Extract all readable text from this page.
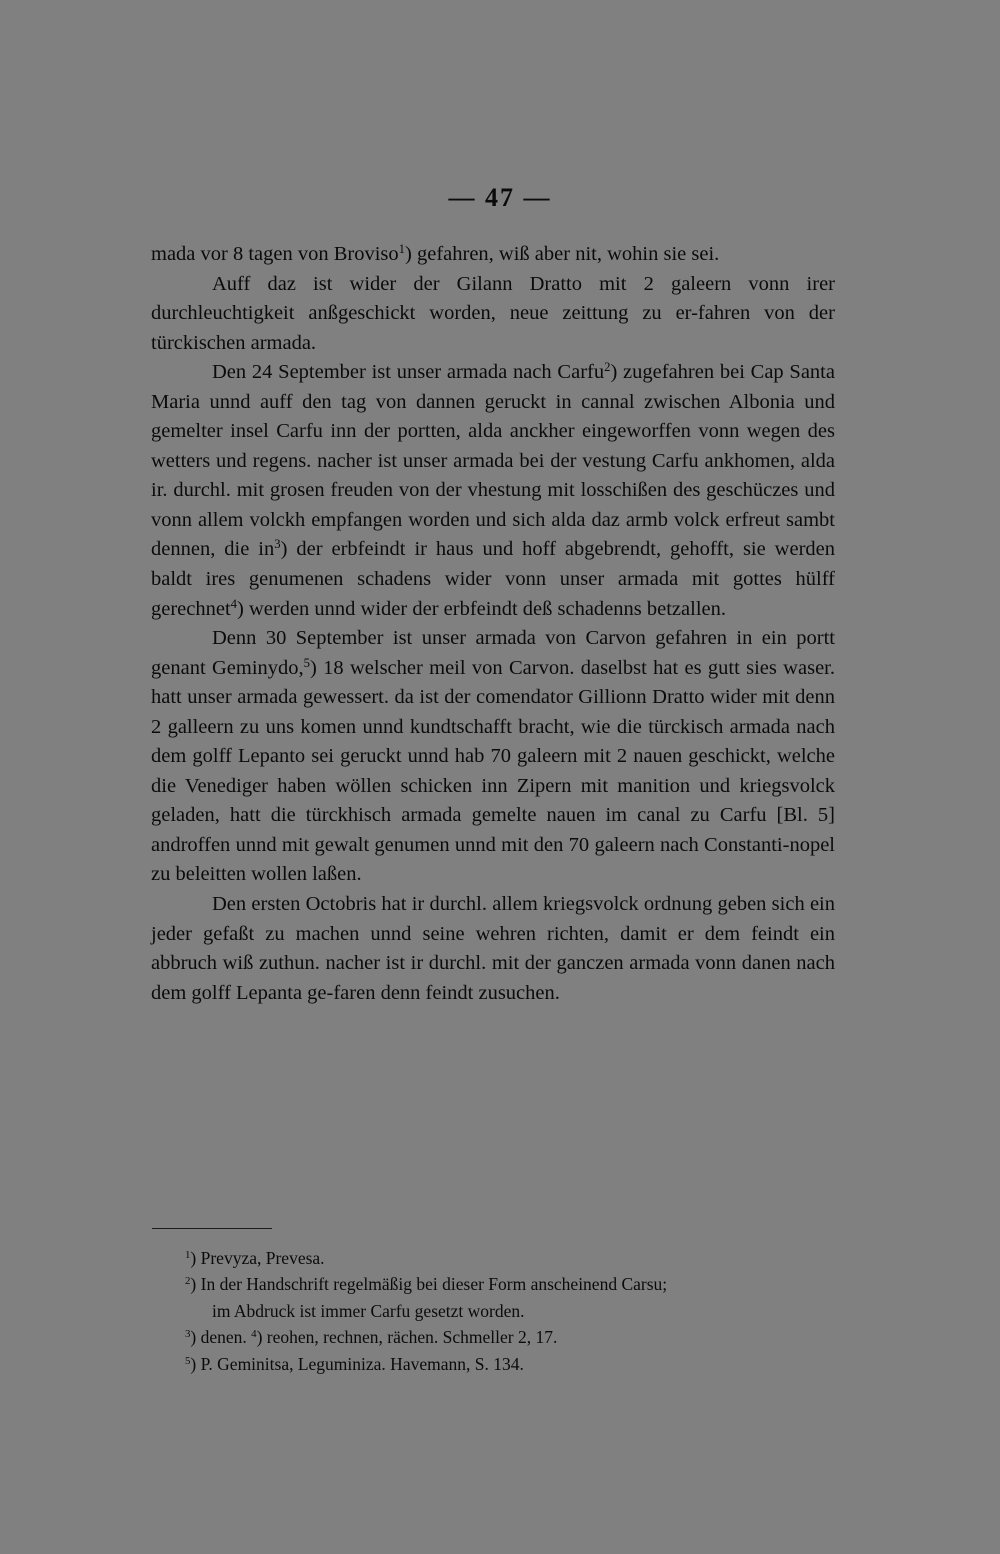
— 47 —

mada vor 8 tagen von Broviso$^1$) gefahren, wiß aber nit, wohin sie sei.

Auff daz ist wider der Gilann Dratto mit 2 galeern vonn irer durchleuchtigkeit anßgeschickt worden, neue zeittung zu er-fahren von der türckischen armada.

Den 24 September ist unser armada nach Carfu$^2$) zugefahren bei Cap Santa Maria unnd auff den tag von dannen geruckt in cannal zwischen Albonia und gemelter insel Carfu inn der portten, alda anckher eingeworffen vonn wegen des wetters und regens. nacher ist unser armada bei der vestung Carfu ankhomen, alda ir. durchl. mit grosen freuden von der vhestung mit losschißen des geschüczes und vonn allem volckh empfangen worden und sich alda daz armb volck erfreut sambt dennen, die $in^3$) der erbfeindt ir haus und hoff abgebrendt, gehofft, sie werden baldt ires genumenen schadens wider vonn unser armada mit gottes hülff gerechnet$^4$) werden unnd wider der erbfeindt deß schadenns betzallen.

Denn 30 September ist unser armada von Carvon gefahren in ein portt genant Geminydo,$^5$) 18 welscher meil von Carvon. daselbst hat es gutt sies waser. hatt unser armada gewessert. da ist der comendator Gillionn Dratto wider mit denn 2 galleern zu uns komen unnd kundtschafft bracht, wie die türckisch armada nach dem golff Lepanto sei geruckt unnd hab 70 galeern mit 2 nauen geschickt, welche die Venediger haben wöllen schicken inn Zipern mit manition und kriegsvolck geladen, hatt die türckhisch armada gemelte nauen im canal zu Carfu [Bl. 5] androffen unnd mit gewalt genumen unnd mit den 70 galeern nach Constanti-nopel zu beleitten wollen laßen.

Den ersten Octobris hat ir durchl. allem kriegsvolck ordnung geben sich ein jeder gefaßt zu machen unnd seine wehren richten, damit er dem feindt ein abbruch wiß zuthun. nacher ist ir durchl. mit der ganczen armada vonn danen nach dem golff Lepanta ge-faren denn feindt zusuchen.

$^1$) Prevyza, Prevesa.

$^2$) In der Handschrift regelmäßig bei dieser Form anscheinend Carsu;

im Abdruck ist immer Carfu gesetzt worden.

$^3$) denen. $^4$) reohen, rechnen, rächen. Schmeller 2, 17.

$^5$) P. Geminitsa, Leguminiza. Havemann, S. 134.
